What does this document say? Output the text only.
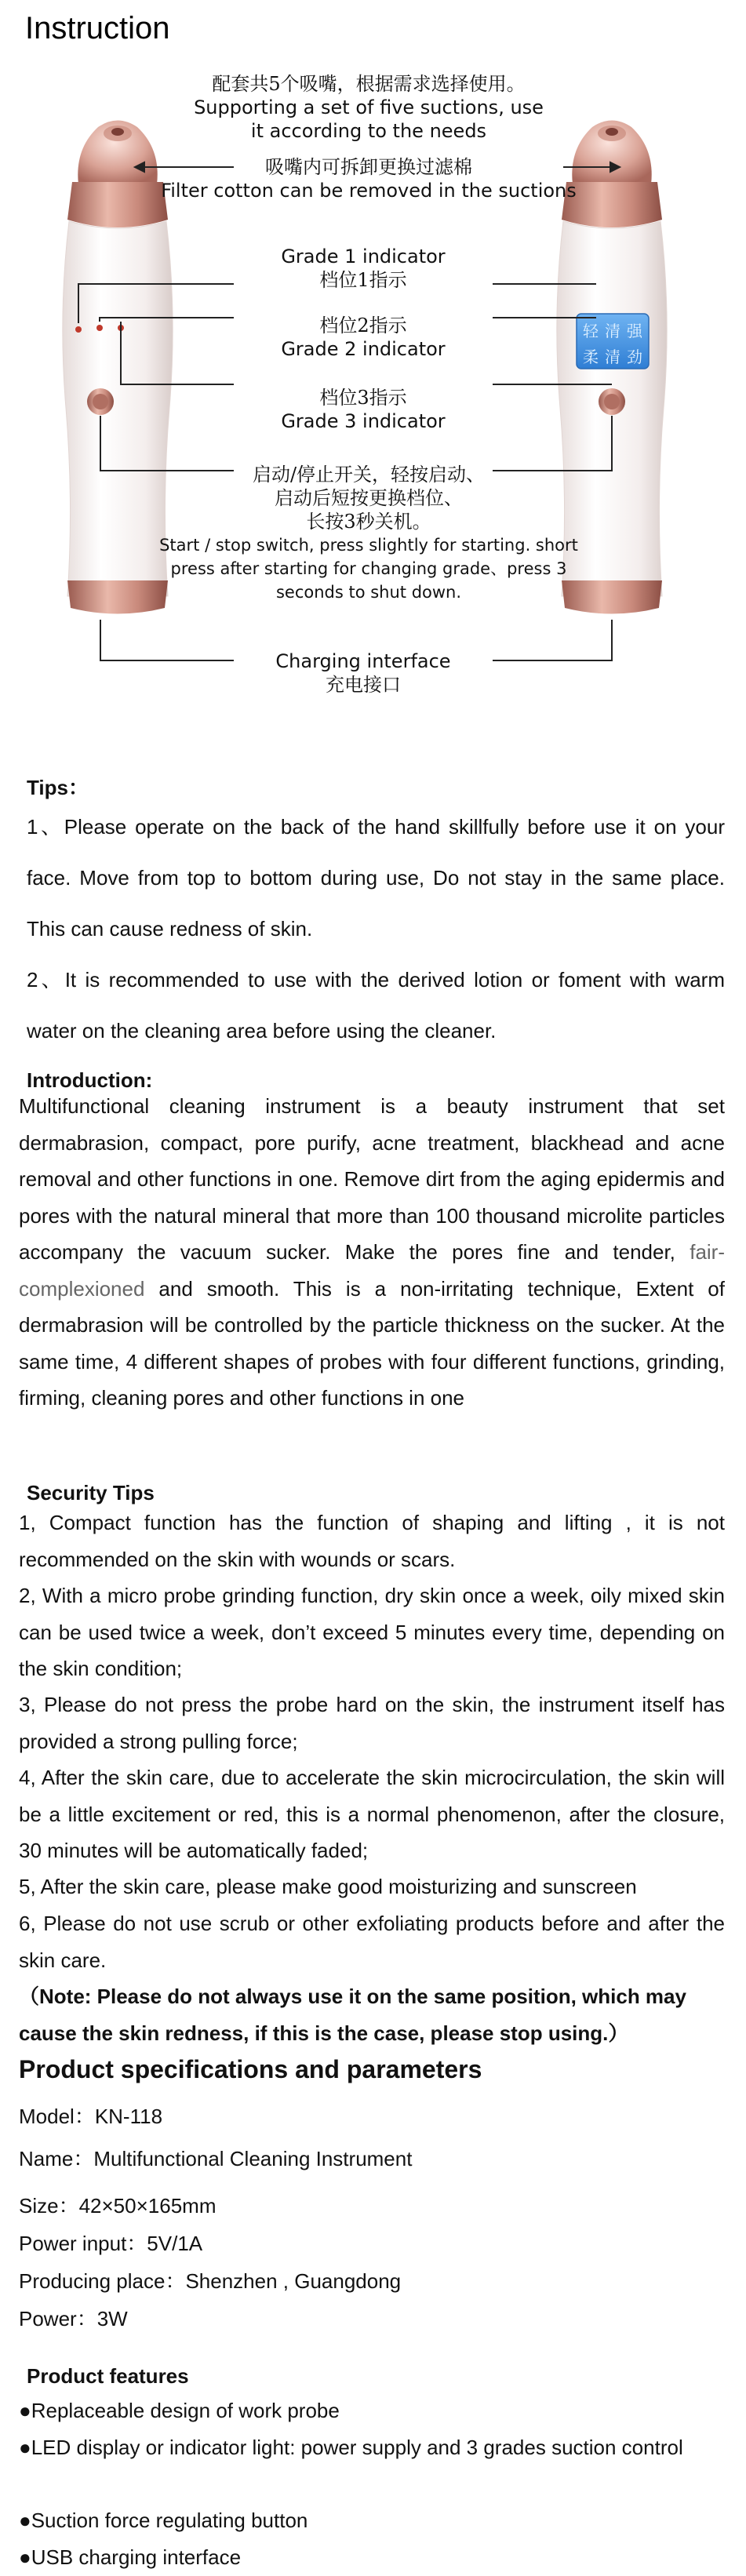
Instruction
轻 清 强
柔 清 劲
配套共5个吸嘴，根据需求选择使用。
Supporting a set of five suctions, use
it according to the needs
吸嘴内可拆卸更换过滤棉
Filter cotton can be removed in the suctions
Grade 1 indicator
档位1指示
档位2指示
Grade 2 indicator
档位3指示
Grade 3 indicator
启动/停止开关，轻按启动、
启动后短按更换档位、
长按3秒关机。
Start / stop switch, press slightly for starting. short
press after starting for changing grade、press 3
seconds to shut down.
Charging interface
充电接口
Tips：
1、Please operate on the back of the hand skillfully before use it on your face. Move from top to bottom during use, Do not stay in the same place. This can cause redness of skin.
2、It is recommended to use with the derived lotion or foment with warm water on the cleaning area before using the cleaner.
Introduction:
Multifunctional cleaning instrument is a beauty instrument that set dermabrasion, compact, pore purify, acne treatment, blackhead and acne removal and other functions in one. Remove dirt from the aging epidermis and pores with the natural mineral that more than 100 thousand microlite particles accompany the vacuum sucker. Make the pores fine and tender, fair-complexioned and smooth. This is a non-irritating technique, Extent of dermabrasion will be controlled by the particle thickness on the sucker. At the same time, 4 different shapes of probes with four different functions, grinding, firming, cleaning pores and other functions in one
Security Tips
1, Compact function has the function of shaping and lifting , it is not recommended on the skin with wounds or scars.
2, With a micro probe grinding function, dry skin once a week, oily mixed skin can be used twice a week, don’t exceed 5 minutes every time, depending on the skin condition;
3, Please do not press the probe hard on the skin, the instrument itself has provided a strong pulling force;
4, After the skin care, due to accelerate the skin microcirculation, the skin will be a little excitement or red, this is a normal phenomenon, after the closure, 30 minutes will be automatically faded;
5, After the skin care, please make good moisturizing and sunscreen
6, Please do not use scrub or other exfoliating products before and after the skin care.
（Note: Please do not always use it on the same position, which may cause the skin redness, if this is the case, please stop using.）
Product specifications and parameters
Model：KN-118
Name：Multifunctional Cleaning Instrument
Size：42×50×165mm
Power input：5V/1A
Producing place：Shenzhen , Guangdong
Power：3W
Product features
●Replaceable design of work probe
●LED display or indicator light: power supply and 3 grades suction control
●Suction force regulating button
●USB charging interface
